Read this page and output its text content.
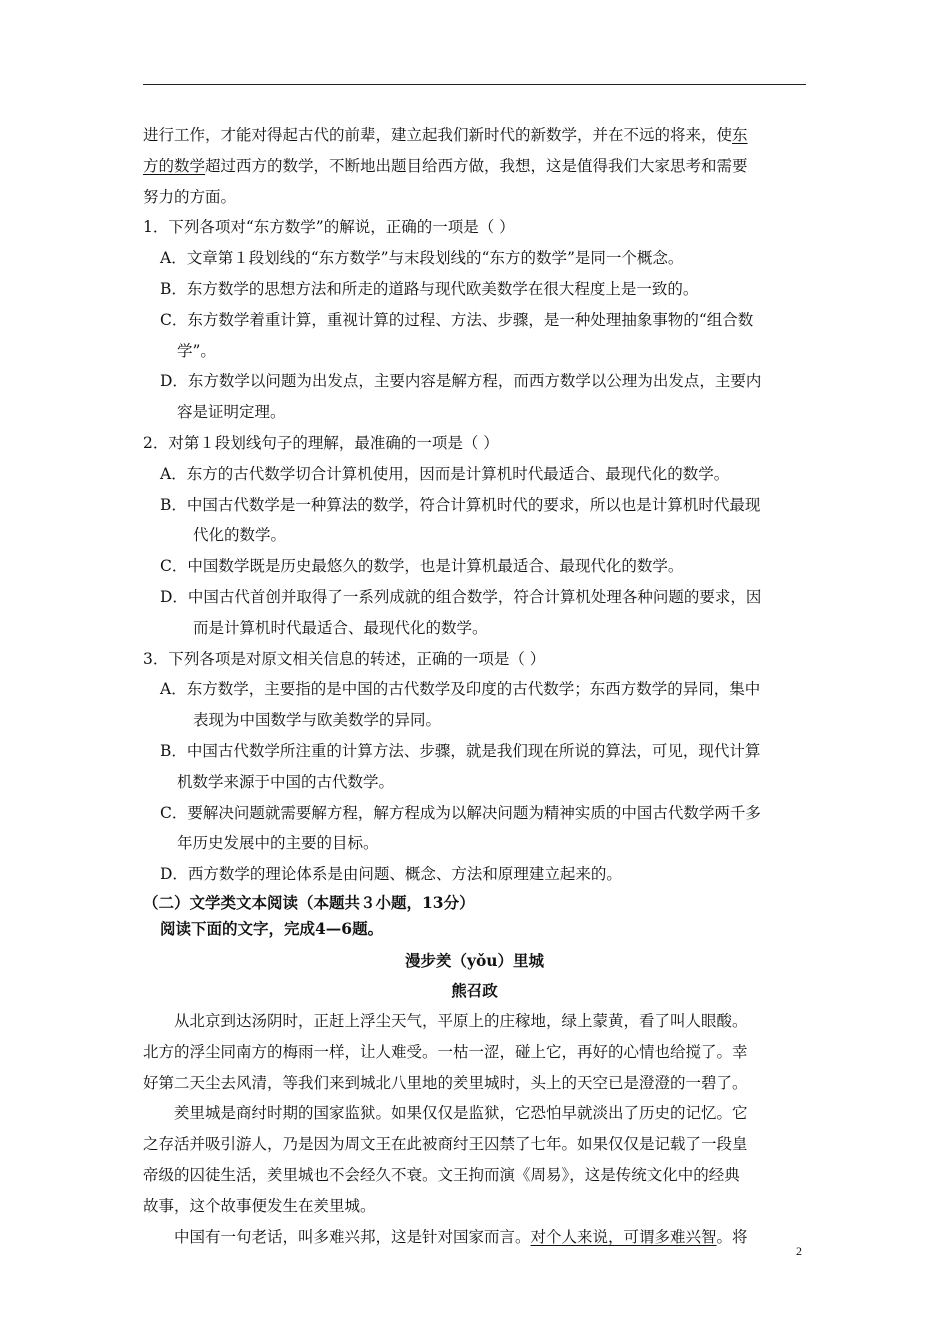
进行工作，才能对得起古代的前辈，建立起我们新时代的新数学，并在不远的将来，使东

方的数学超过西方的数学，不断地出题目给西方做，我想，这是值得我们大家思考和需要

努力的方面。

1．下列各项对“东方数学”的解说，正确的一项是（ ）

A．文章第１段划线的“东方数学”与末段划线的“东方的数学”是同一个概念。

B．东方数学的思想方法和所走的道路与现代欧美数学在很大程度上是一致的。

C．东方数学着重计算，重视计算的过程、方法、步骤，是一种处理抽象事物的“组合数

学”。

D．东方数学以问题为出发点，主要内容是解方程，而西方数学以公理为出发点，主要内

容是证明定理。

2．对第１段划线句子的理解，最准确的一项是（ ）

A．东方的古代数学切合计算机使用，因而是计算机时代最适合、最现代化的数学。

B．中国古代数学是一种算法的数学，符合计算机时代的要求，所以也是计算机时代最现

代化的数学。

C．中国数学既是历史最悠久的数学，也是计算机最适合、最现代化的数学。

D．中国古代首创并取得了一系列成就的组合数学，符合计算机处理各种问题的要求，因

而是计算机时代最适合、最现代化的数学。

3．下列各项是对原文相关信息的转述，正确的一项是（ ）

A．东方数学，主要指的是中国的古代数学及印度的古代数学；东西方数学的异同，集中

表现为中国数学与欧美数学的异同。

B．中国古代数学所注重的计算方法、步骤，就是我们现在所说的算法，可见，现代计算

机数学来源于中国的古代数学。

C．要解决问题就需要解方程，解方程成为以解决问题为精神实质的中国古代数学两千多

年历史发展中的主要的目标。

D．西方数学的理论体系是由问题、概念、方法和原理建立起来的。

（二）文学类文本阅读（本题共３小题，13分）
阅读下面的文字，完成4—6题。
漫步羑（yǒu）里城
熊召政

从北京到达汤阴时，正赶上浮尘天气，平原上的庄稼地，绿上蒙黄，看了叫人眼酸。

北方的浮尘同南方的梅雨一样，让人难受。一枯一涩，碰上它，再好的心情也给搅了。幸

好第二天尘去风清，等我们来到城北八里地的羑里城时，头上的天空已是澄澄的一碧了。

羑里城是商纣时期的国家监狱。如果仅仅是监狱，它恐怕早就淡出了历史的记忆。它

之存活并吸引游人，乃是因为周文王在此被商纣王囚禁了七年。如果仅仅是记载了一段皇

帝级的囚徒生活，羑里城也不会经久不衰。文王拘而演《周易》，这是传统文化中的经典

故事，这个故事便发生在羑里城。

中国有一句老话，叫多难兴邦，这是针对国家而言。对个人来说，可谓多难兴智。将

2
